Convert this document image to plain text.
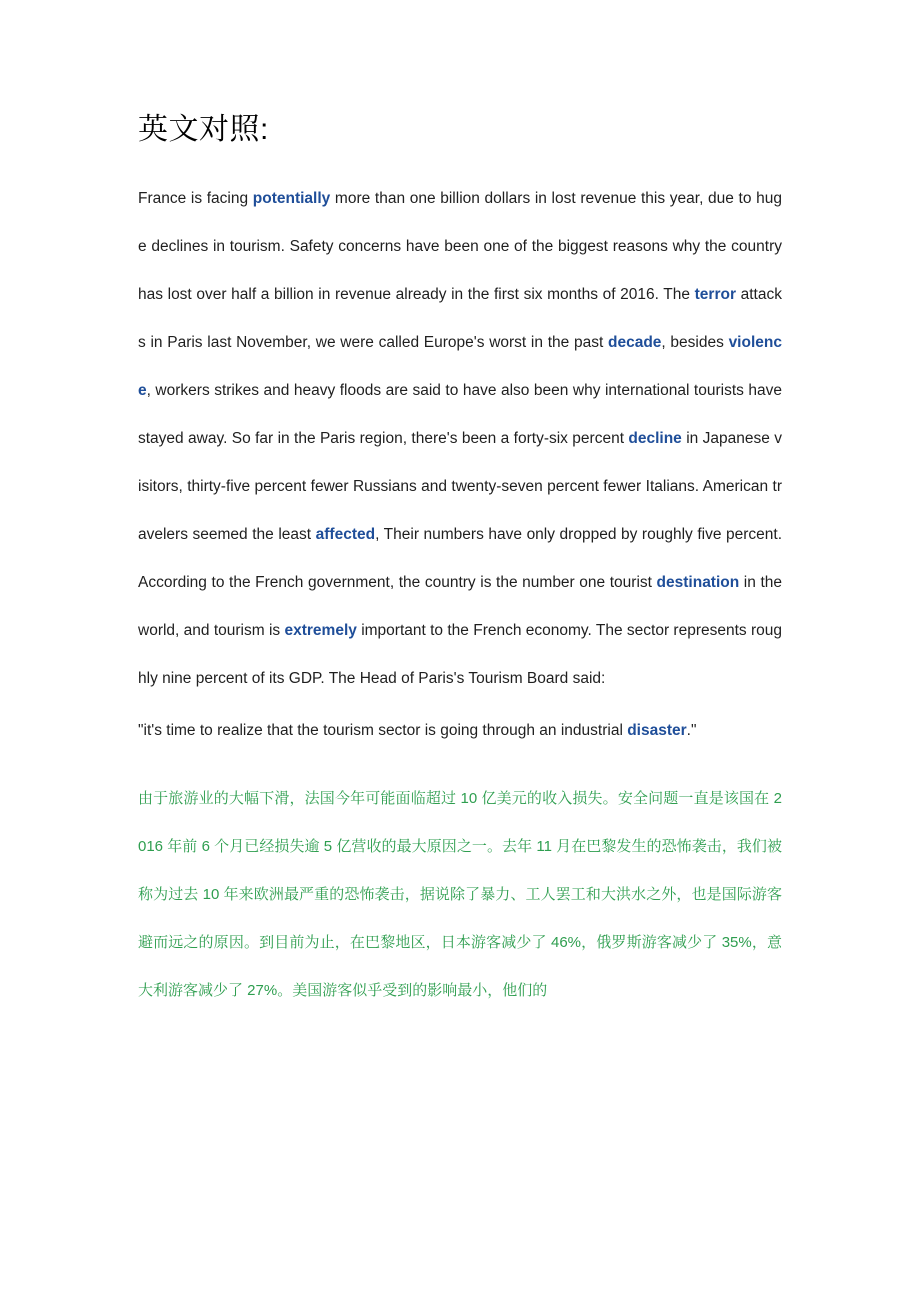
英文对照:

France is facing potentially more than one billion dollars in lost revenue this year, due to huge declines in tourism. Safety concerns have been one of the biggest reasons why the country has lost over half a billion in revenue already in the first six months of 2016. The terror attacks in Paris last November, we were called Europe's worst in the past decade, besides violence, workers strikes and heavy floods are said to have also been why international tourists have stayed away. So far in the Paris region, there's been a forty-six percent decline in Japanese visitors, thirty-five percent fewer Russians and twenty-seven percent fewer Italians. American travelers seemed the least affected, Their numbers have only dropped by roughly five percent. According to the French government, the country is the number one tourist destination in the world, and tourism is extremely important to the French economy. The sector represents roughly nine percent of its GDP. The Head of Paris's Tourism Board said:

"it's time to realize that the tourism sector is going through an industrial disaster."

由于旅游业的大幅下滑，法国今年可能面临超过 10 亿美元的收入损失。安全问题一直是该国在 2016 年前 6 个月已经损失逾 5 亿营收的最大原因之一。去年 11 月在巴黎发生的恐怖袭击，我们被称为过去 10 年来欧洲最严重的恐怖袭击，据说除了暴力、工人罢工和大洪水之外，也是国际游客避而远之的原因。到目前为止，在巴黎地区，日本游客减少了 46%，俄罗斯游客减少了 35%，意大利游客减少了 27%。美国游客似乎受到的影响最小，他们的
